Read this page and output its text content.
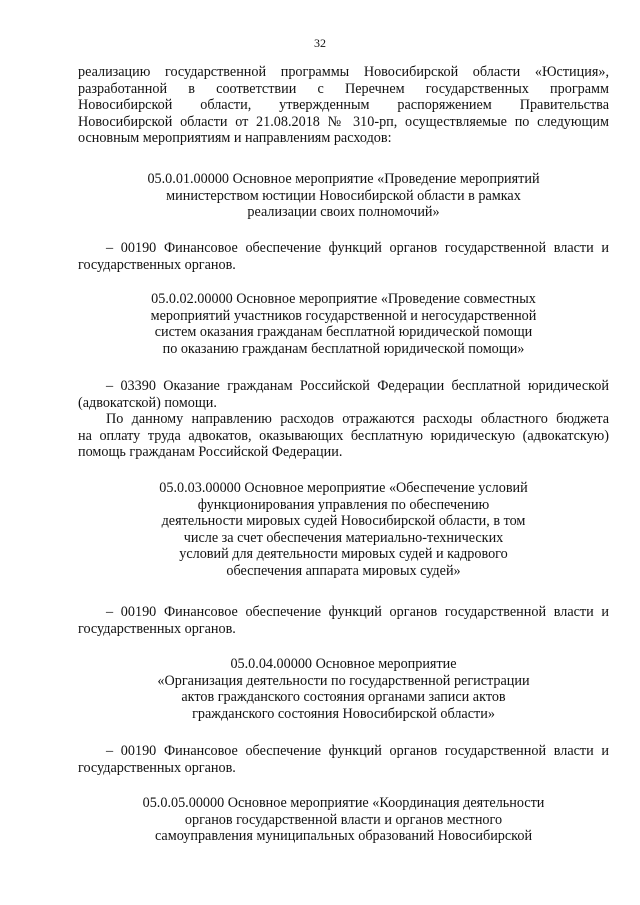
32
реализацию государственной программы Новосибирской области «Юстиция»,
разработанной в соответствии с Перечнем государственных программ
Новосибирской области, утвержденным распоряжением Правительства
Новосибирской области от 21.08.2018 № 310-рп, осуществляемые по следующим
основным мероприятиям и направлениям расходов:
05.0.01.00000 Основное мероприятие «Проведение мероприятий
министерством юстиции Новосибирской области в рамках
реализации своих полномочий»
– 00190 Финансовое обеспечение функций органов государственной власти и
государственных органов.
05.0.02.00000 Основное мероприятие «Проведение совместных
мероприятий участников государственной и негосударственной
систем оказания гражданам бесплатной юридической помощи
по оказанию гражданам бесплатной юридической помощи»
– 03390 Оказание гражданам Российской Федерации бесплатной юридической
(адвокатской) помощи.
По данному направлению расходов отражаются расходы областного бюджета
на оплату труда адвокатов, оказывающих бесплатную юридическую (адвокатскую)
помощь гражданам Российской Федерации.
05.0.03.00000 Основное мероприятие «Обеспечение условий
функционирования управления по обеспечению
деятельности мировых судей Новосибирской области, в том
числе за счет обеспечения материально-технических
условий для деятельности мировых судей и кадрового
обеспечения аппарата мировых судей»
– 00190 Финансовое обеспечение функций органов государственной власти и
государственных органов.
05.0.04.00000 Основное мероприятие
«Организация деятельности по государственной регистрации
актов гражданского состояния органами записи актов
гражданского состояния Новосибирской области»
– 00190 Финансовое обеспечение функций органов государственной власти и
государственных органов.
05.0.05.00000 Основное мероприятие «Координация деятельности
органов государственной власти и органов местного
самоуправления муниципальных образований Новосибирской
